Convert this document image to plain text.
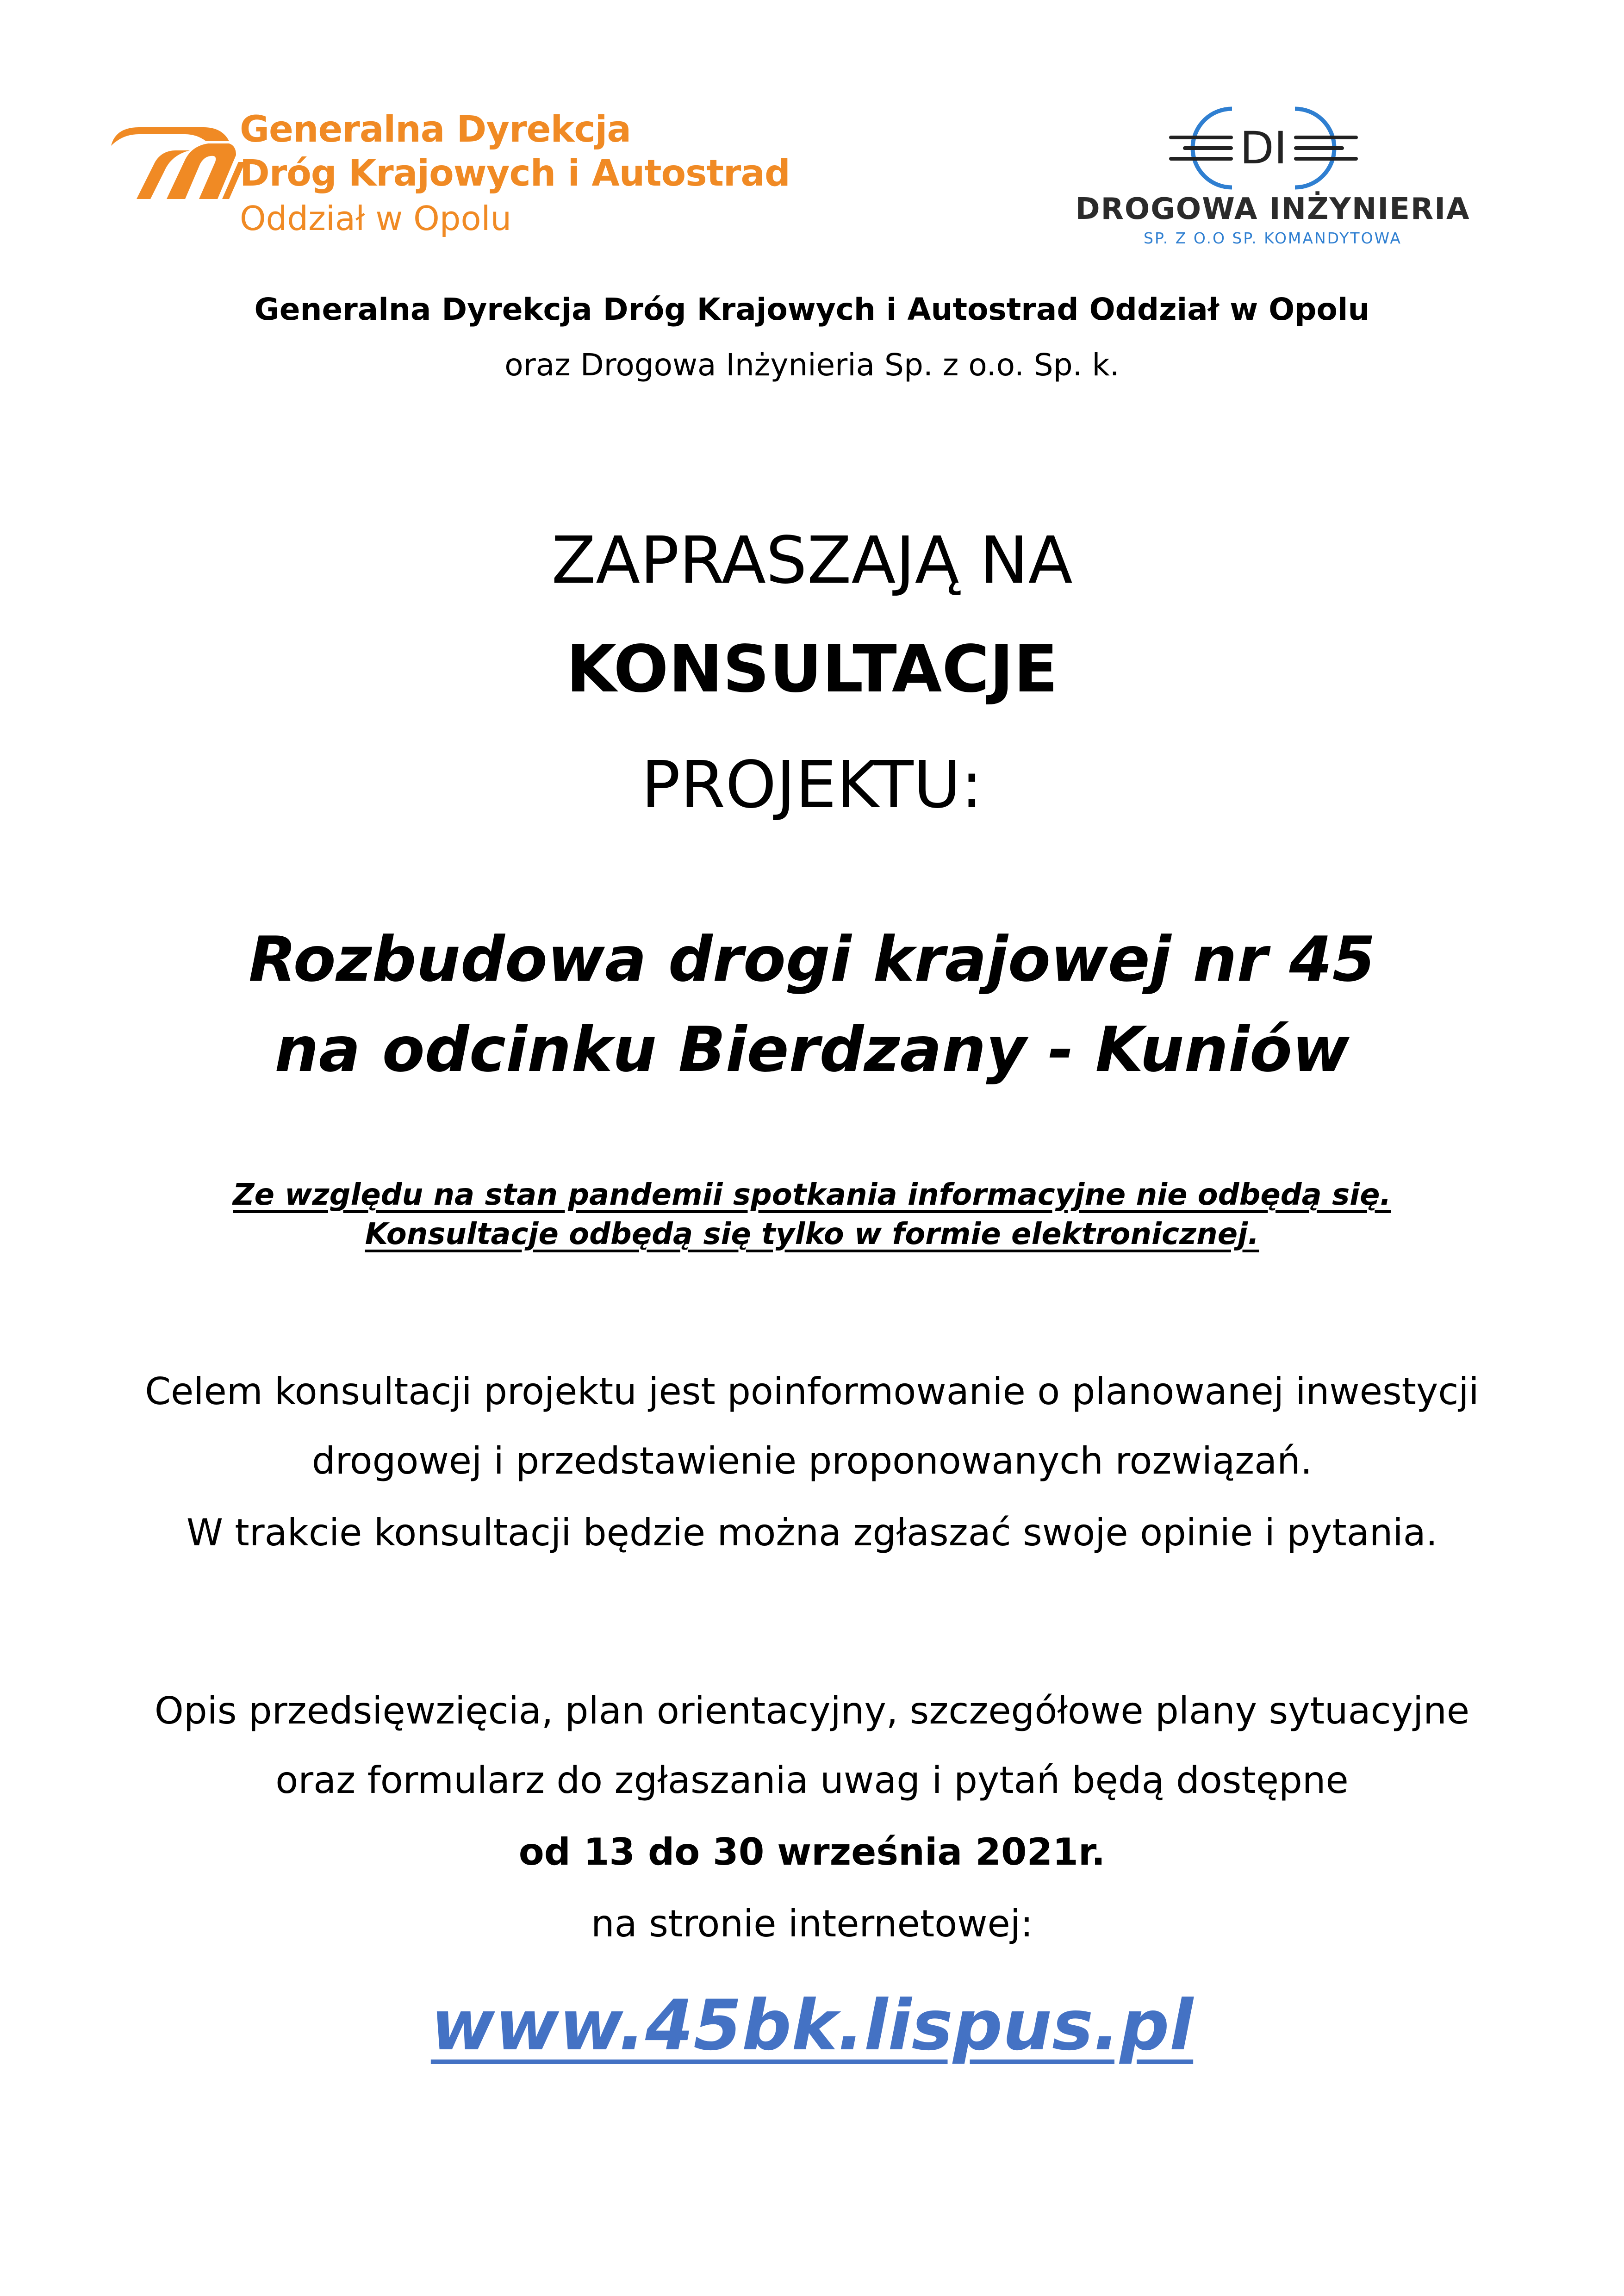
Generalna Dyrekcja
Dróg Krajowych i Autostrad
Oddział w Opolu
DI
DROGOWA INŻYNIERIA
SP. Z O.O SP. KOMANDYTOWA
Generalna Dyrekcja Dróg Krajowych i Autostrad Oddział w Opolu
oraz Drogowa Inżynieria Sp. z o.o. Sp. k.
ZAPRASZAJĄ NA
KONSULTACJE
PROJEKTU:
Rozbudowa drogi krajowej nr 45
na odcinku Bierdzany - Kuniów
Ze względu na stan pandemii spotkania informacyjne nie odbędą się.
Konsultacje odbędą się tylko w formie elektronicznej.
Celem konsultacji projektu jest poinformowanie o planowanej inwestycji
drogowej i przedstawienie proponowanych rozwiązań.
W trakcie konsultacji będzie można zgłaszać swoje opinie i pytania.
Opis przedsięwzięcia, plan orientacyjny, szczegółowe plany sytuacyjne
oraz formularz do zgłaszania uwag i pytań będą dostępne
od 13 do 30 września 2021r.
na stronie internetowej:
www.45bk.lispus.pl
